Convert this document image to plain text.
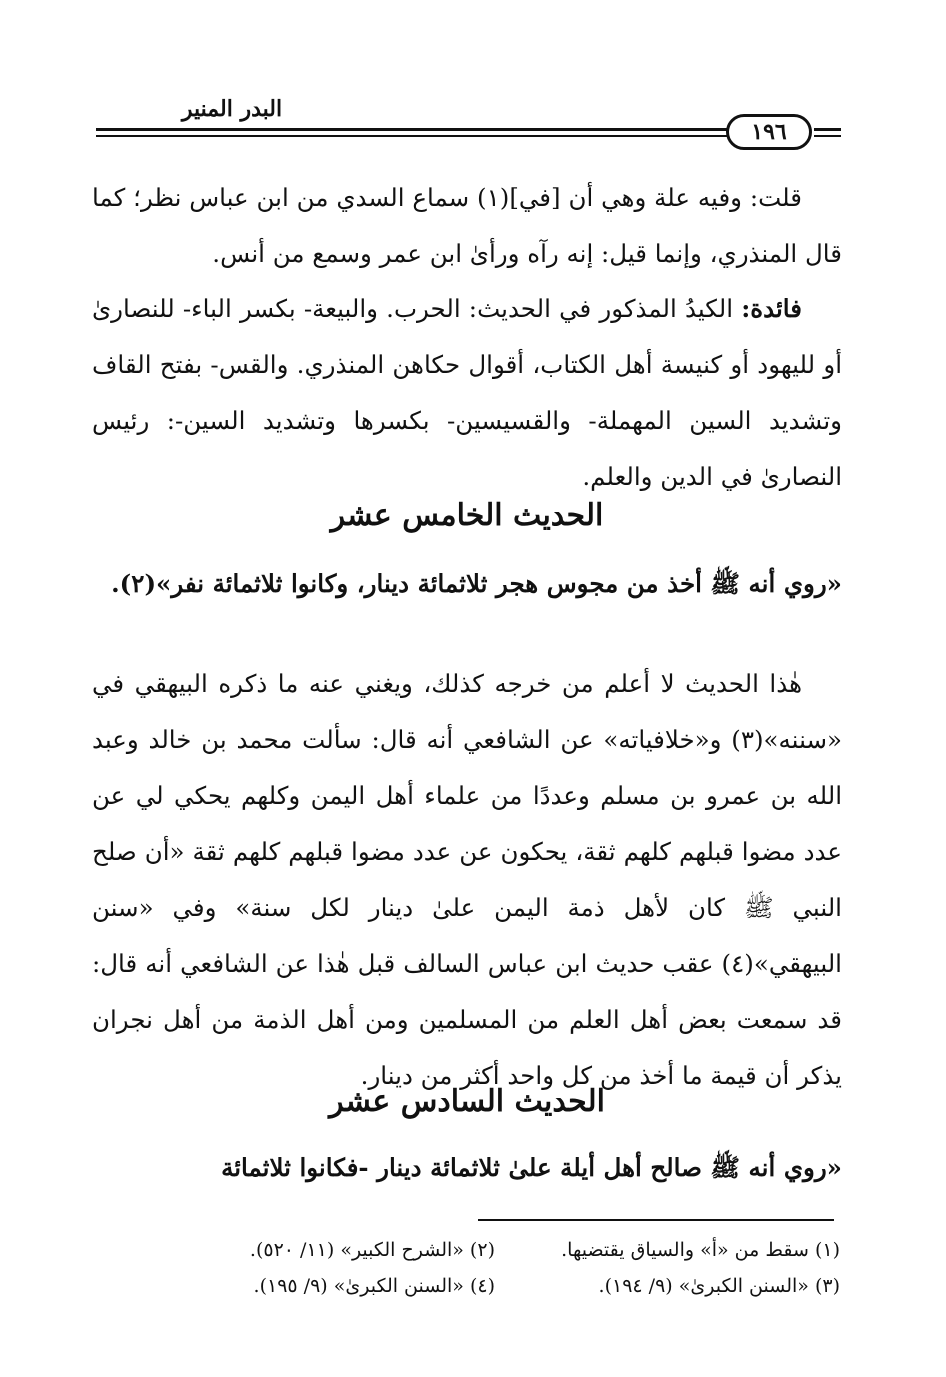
البدر المنير
١٩٦
قلت: وفيه علة وهي أن [في](١) سماع السدي من ابن عباس نظر؛ كما قال المنذري، وإنما قيل: إنه رآه ورأىٰ ابن عمر وسمع من أنس.
فائدة: الكيدُ المذكور في الحديث: الحرب. والبيعة- بكسر الباء- للنصارىٰ أو لليهود أو كنيسة أهل الكتاب، أقوال حكاهن المنذري. والقس- بفتح القاف وتشديد السين المهملة- والقسيسين- بكسرها وتشديد السين-: رئيس النصارىٰ في الدين والعلم.
الحديث الخامس عشر
«روي أنه ﷺ أخذ من مجوس هجر ثلاثمائة دينار، وكانوا ثلاثمائة نفر»(٢).
هٰذا الحديث لا أعلم من خرجه كذلك، ويغني عنه ما ذكره البيهقي في «سننه»(٣) و«خلافياته» عن الشافعي أنه قال: سألت محمد بن خالد وعبد الله بن عمرو بن مسلم وعددًا من علماء أهل اليمن وكلهم يحكي لي عن عدد مضوا قبلهم كلهم ثقة، يحكون عن عدد مضوا قبلهم كلهم ثقة «أن صلح النبي ﷺ كان لأهل ذمة اليمن علىٰ دينار لكل سنة» وفي «سنن البيهقي»(٤) عقب حديث ابن عباس السالف قبل هٰذا عن الشافعي أنه قال: قد سمعت بعض أهل العلم من المسلمين ومن أهل الذمة من أهل نجران يذكر أن قيمة ما أخذ من كل واحد أكثر من دينار.
الحديث السادس عشر
«روي أنه ﷺ صالح أهل أيلة علىٰ ثلاثمائة دينار -فكانوا ثلاثمائة
(١) سقط من «أ» والسياق يقتضيها.
(٢) «الشرح الكبير» (١١/ ٥٢٠).
(٣) «السنن الكبرىٰ» (٩/ ١٩٤).
(٤) «السنن الكبرىٰ» (٩/ ١٩٥).
